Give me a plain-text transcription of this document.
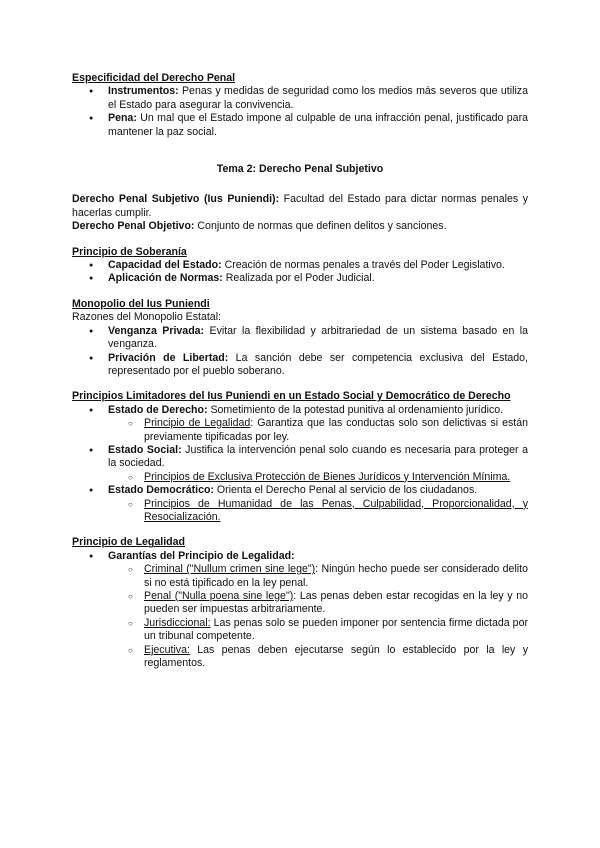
Especificidad del Derecho Penal

● Instrumentos: Penas y medidas de seguridad como los medios más severos que utiliza el Estado para asegurar la convivencia.
● Pena: Un mal que el Estado impone al culpable de una infracción penal, justificado para mantener la paz social.

Tema 2: Derecho Penal Subjetivo

Derecho Penal Subjetivo (Ius Puniendi): Facultad del Estado para dictar normas penales y hacerlas cumplir.

Derecho Penal Objetivo: Conjunto de normas que definen delitos y sanciones.

Principio de Soberanía

● Capacidad del Estado: Creación de normas penales a través del Poder Legislativo.
● Aplicación de Normas: Realizada por el Poder Judicial.

Monopolio del Ius Puniendi

Razones del Monopolio Estatal:

● Venganza Privada: Evitar la flexibilidad y arbitrariedad de un sistema basado en la venganza.
● Privación de Libertad: La sanción debe ser competencia exclusiva del Estado, representado por el pueblo soberano.

Principios Limitadores del Ius Puniendi en un Estado Social y Democrático de Derecho

● Estado de Derecho: Sometimiento de la potestad punitiva al ordenamiento jurídico.
○ Principio de Legalidad: Garantiza que las conductas solo son delictivas si están previamente tipificadas por ley.
● Estado Social: Justifica la intervención penal solo cuando es necesaria para proteger a la sociedad.
○ Principios de Exclusiva Protección de Bienes Jurídicos y Intervención Mínima.
● Estado Democrático: Orienta el Derecho Penal al servicio de los ciudadanos.
○ Principios de Humanidad de las Penas, Culpabilidad, Proporcionalidad, y Resocialización.

Principio de Legalidad

● Garantías del Principio de Legalidad:
○ Criminal ("Nullum crimen sine lege"): Ningún hecho puede ser considerado delito si no está tipificado en la ley penal.
○ Penal ("Nulla poena sine lege"): Las penas deben estar recogidas en la ley y no pueden ser impuestas arbitrariamente.
○ Jurisdiccional: Las penas solo se pueden imponer por sentencia firme dictada por un tribunal competente.
○ Ejecutiva: Las penas deben ejecutarse según lo establecido por la ley y reglamentos.
